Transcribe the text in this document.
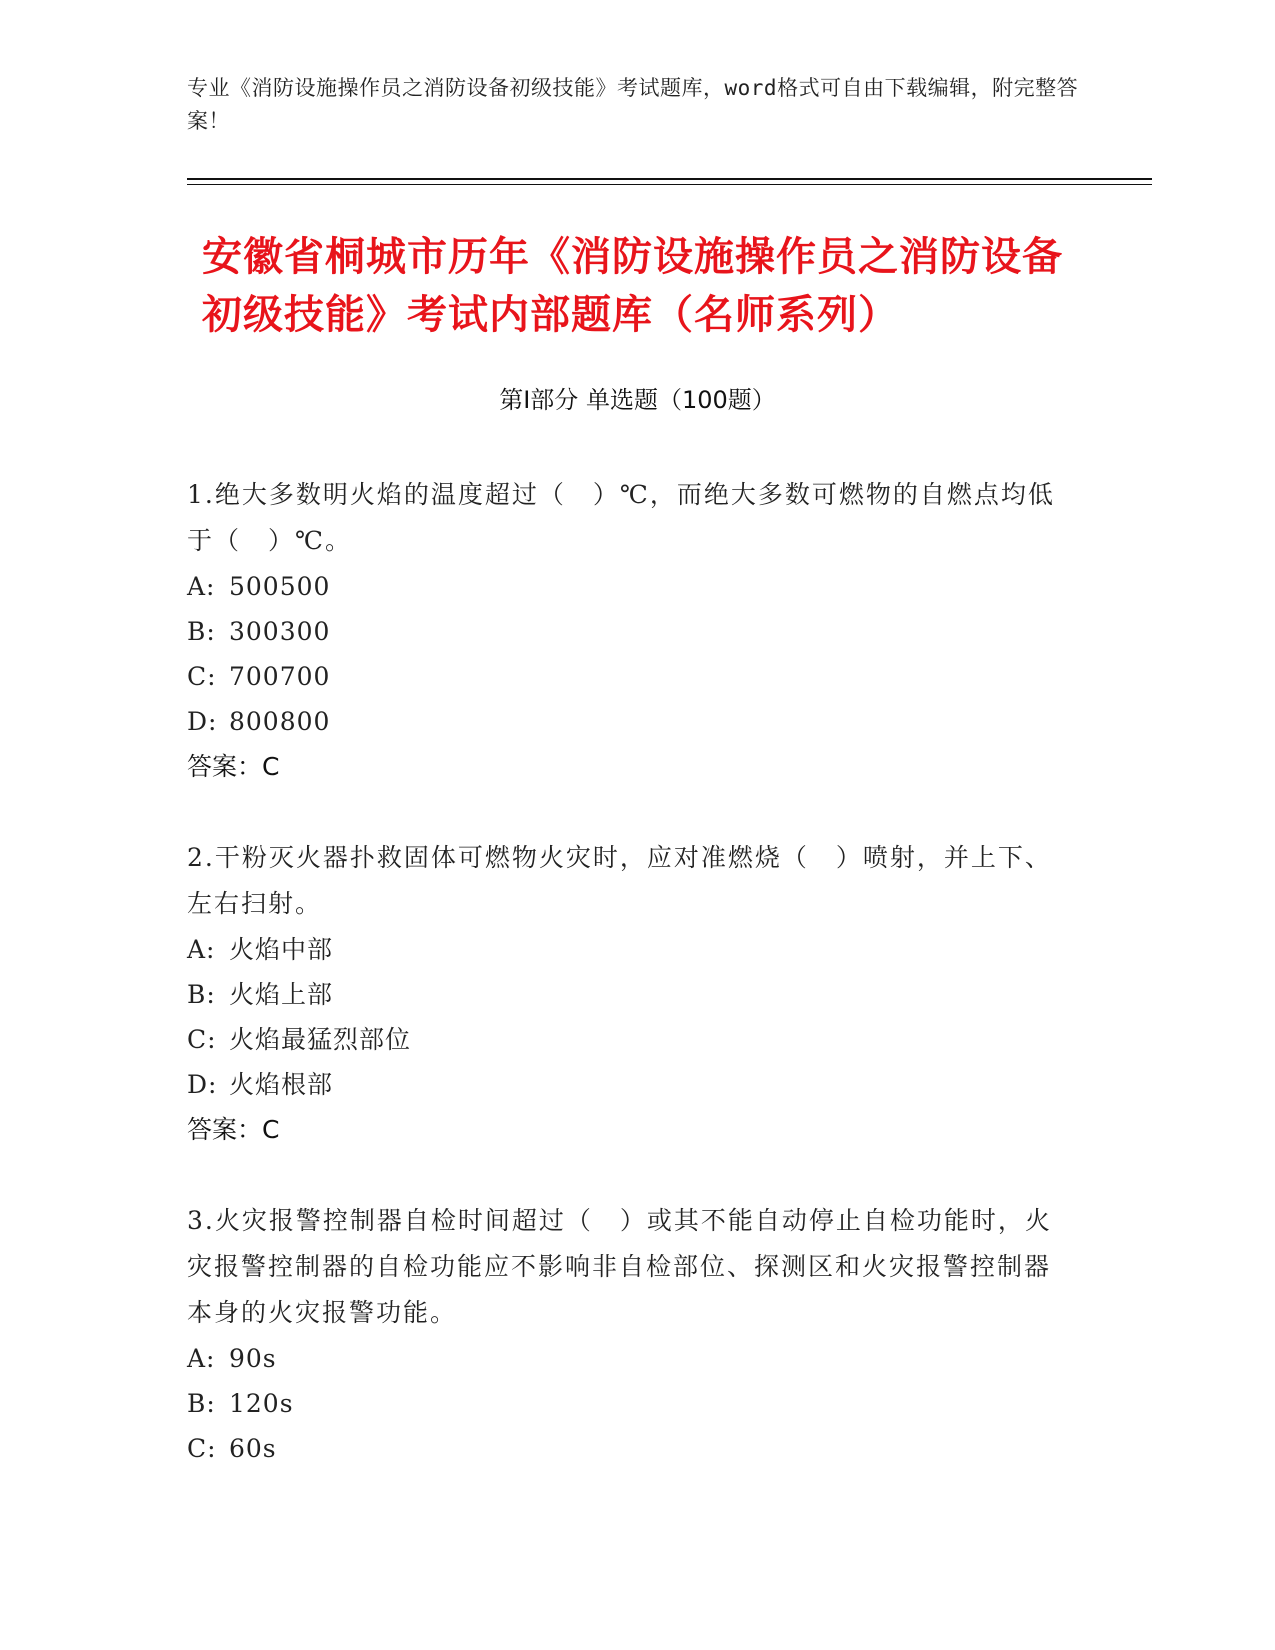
专业《消防设施操作员之消防设备初级技能》考试题库，word格式可自由下载编辑，附完整答案！
安徽省桐城市历年《消防设施操作员之消防设备初级技能》考试内部题库（名师系列）
第I部分 单选题（100题）
1.绝大多数明火焰的温度超过（　）℃，而绝大多数可燃物的自燃点均低于（　）℃。
A: 500500
B: 300300
C: 700700
D: 800800
答案：C
2.干粉灭火器扑救固体可燃物火灾时，应对准燃烧（　）喷射，并上下、左右扫射。
A: 火焰中部
B: 火焰上部
C: 火焰最猛烈部位
D: 火焰根部
答案：C
3.火灾报警控制器自检时间超过（　）或其不能自动停止自检功能时，火灾报警控制器的自检功能应不影响非自检部位、探测区和火灾报警控制器本身的火灾报警功能。
A: 90s
B: 120s
C: 60s
